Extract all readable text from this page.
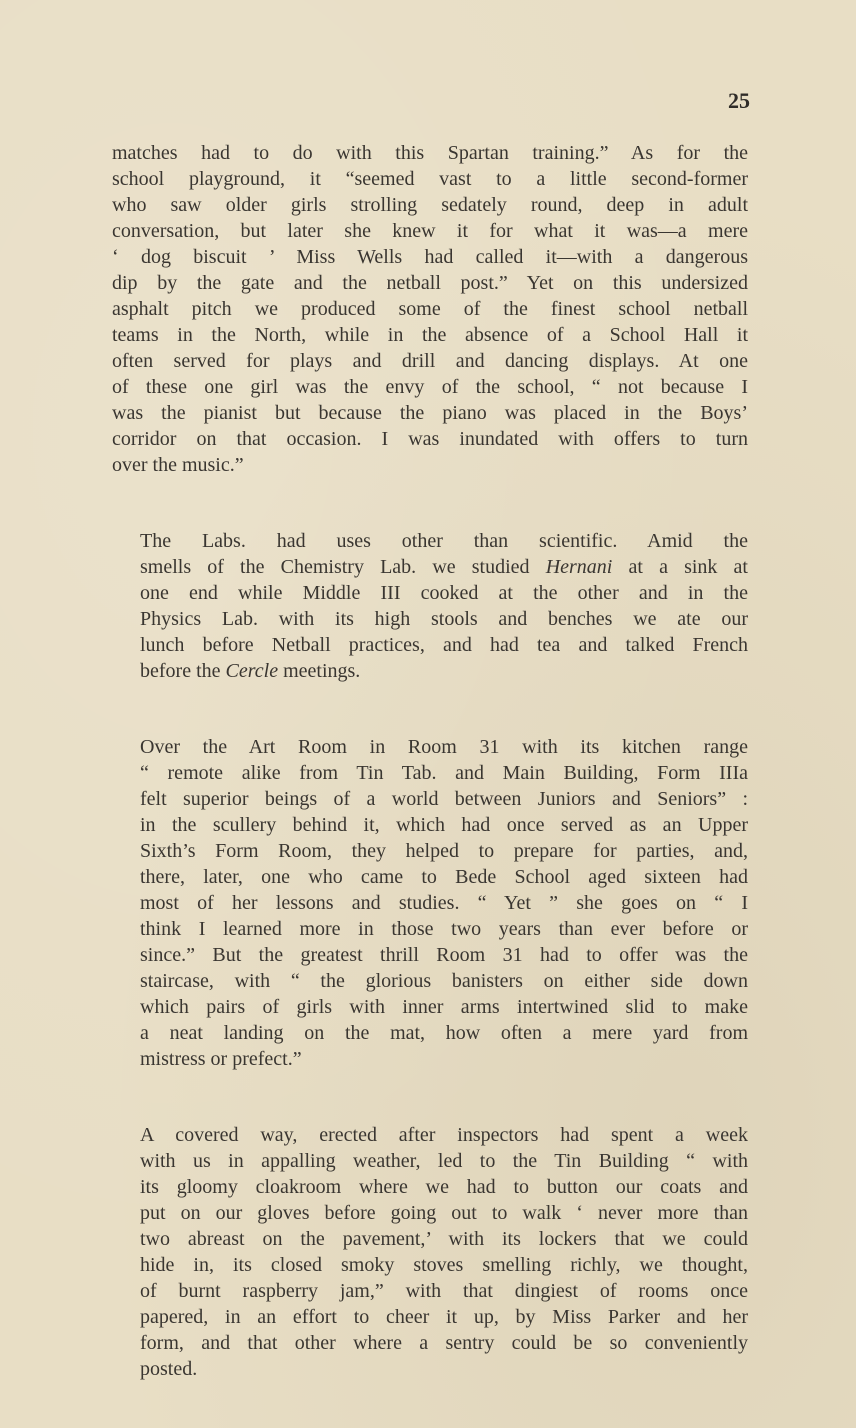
25

matches had to do with this Spartan training.” As for the
school playground, it “seemed vast to a little second-former
who saw older girls strolling sedately round, deep in adult
conversation, but later she knew it for what it was—a mere
‘ dog biscuit ’ Miss Wells had called it—with a dangerous
dip by the gate and the netball post.” Yet on this undersized
asphalt pitch we produced some of the finest school netball
teams in the North, while in the absence of a School Hall it
often served for plays and drill and dancing displays. At one
of these one girl was the envy of the school, “ not because I
was the pianist but because the piano was placed in the Boys’
corridor on that occasion. I was inundated with offers to turn
over the music.”

The Labs. had uses other than scientific. Amid the
smells of the Chemistry Lab. we studied Hernani at a sink at
one end while Middle III cooked at the other and in the
Physics Lab. with its high stools and benches we ate our
lunch before Netball practices, and had tea and talked French
before the Cercle meetings.

Over the Art Room in Room 31 with its kitchen range
“ remote alike from Tin Tab. and Main Building, Form IIIa
felt superior beings of a world between Juniors and Seniors” :
in the scullery behind it, which had once served as an Upper
Sixth’s Form Room, they helped to prepare for parties, and,
there, later, one who came to Bede School aged sixteen had
most of her lessons and studies. “ Yet ” she goes on “ I
think I learned more in those two years than ever before or
since.” But the greatest thrill Room 31 had to offer was the
staircase, with “ the glorious banisters on either side down
which pairs of girls with inner arms intertwined slid to make
a neat landing on the mat, how often a mere yard from
mistress or prefect.”

A covered way, erected after inspectors had spent a week
with us in appalling weather, led to the Tin Building “ with
its gloomy cloakroom where we had to button our coats and
put on our gloves before going out to walk ‘ never more than
two abreast on the pavement,’ with its lockers that we could
hide in, its closed smoky stoves smelling richly, we thought,
of burnt raspberry jam,” with that dingiest of rooms once
papered, in an effort to cheer it up, by Miss Parker and her
form, and that other where a sentry could be so conveniently
posted.
